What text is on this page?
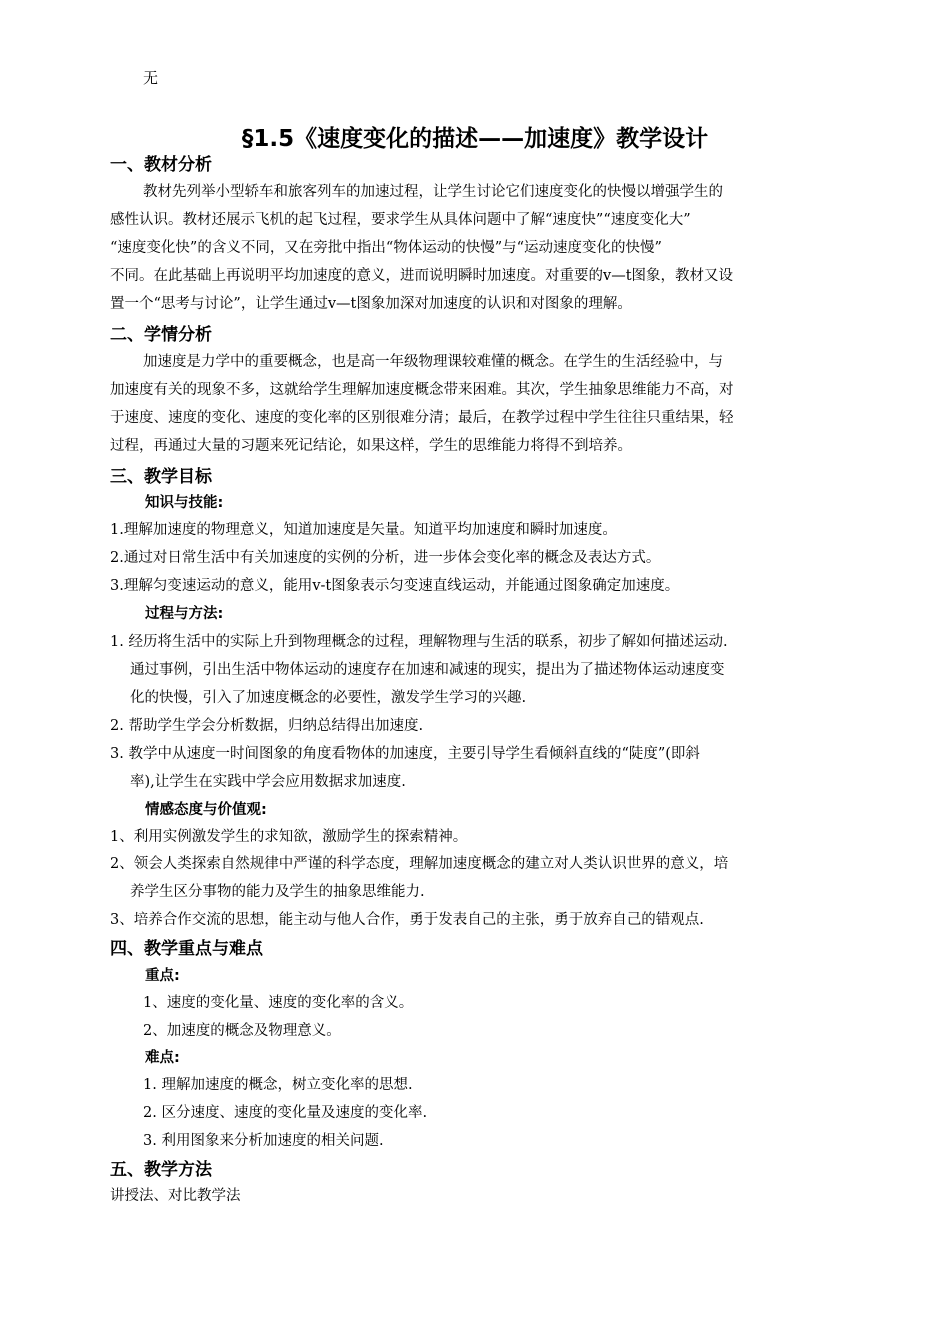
无
§1.5《速度变化的描述——加速度》教学设计
一、教材分析
教材先列举小型轿车和旅客列车的加速过程，让学生讨论它们速度变化的快慢以增强学生的
感性认识。教材还展示飞机的起飞过程，要求学生从具体问题中了解“速度快”“速度变化大”
“速度变化快”的含义不同，又在旁批中指出“物体运动的快慢”与“运动速度变化的快慢”
不同。在此基础上再说明平均加速度的意义，进而说明瞬时加速度。对重要的v—t图象，教材又设
置一个“思考与讨论”，让学生通过v—t图象加深对加速度的认识和对图象的理解。
二、学情分析
加速度是力学中的重要概念，也是高一年级物理课较难懂的概念。在学生的生活经验中，与
加速度有关的现象不多，这就给学生理解加速度概念带来困难。其次，学生抽象思维能力不高，对
于速度、速度的变化、速度的变化率的区别很难分清；最后，在教学过程中学生往往只重结果，轻
过程，再通过大量的习题来死记结论，如果这样，学生的思维能力将得不到培养。
三、教学目标
知识与技能:
1.理解加速度的物理意义，知道加速度是矢量。知道平均加速度和瞬时加速度。
2.通过对日常生活中有关加速度的实例的分析，进一步体会变化率的概念及表达方式。
3.理解匀变速运动的意义，能用v-t图象表示匀变速直线运动，并能通过图象确定加速度。
过程与方法:
1. 经历将生活中的实际上升到物理概念的过程，理解物理与生活的联系，初步了解如何描述运动.
通过事例，引出生活中物体运动的速度存在加速和减速的现实，提出为了描述物体运动速度变
化的快慢，引入了加速度概念的必要性，激发学生学习的兴趣.
2. 帮助学生学会分析数据，归纳总结得出加速度.
3. 教学中从速度一时间图象的角度看物体的加速度，主要引导学生看倾斜直线的“陡度”(即斜
率),让学生在实践中学会应用数据求加速度.
情感态度与价值观:
1、利用实例激发学生的求知欲，激励学生的探索精神。
2、领会人类探索自然规律中严谨的科学态度，理解加速度概念的建立对人类认识世界的意义，培
养学生区分事物的能力及学生的抽象思维能力.
3、培养合作交流的思想，能主动与他人合作，勇于发表自己的主张，勇于放弃自己的错观点.
四、教学重点与难点
重点:
1、速度的变化量、速度的变化率的含义。
2、加速度的概念及物理意义。
难点:
1. 理解加速度的概念，树立变化率的思想.
2. 区分速度、速度的变化量及速度的变化率.
3. 利用图象来分析加速度的相关问题.
五、教学方法
讲授法、对比教学法
